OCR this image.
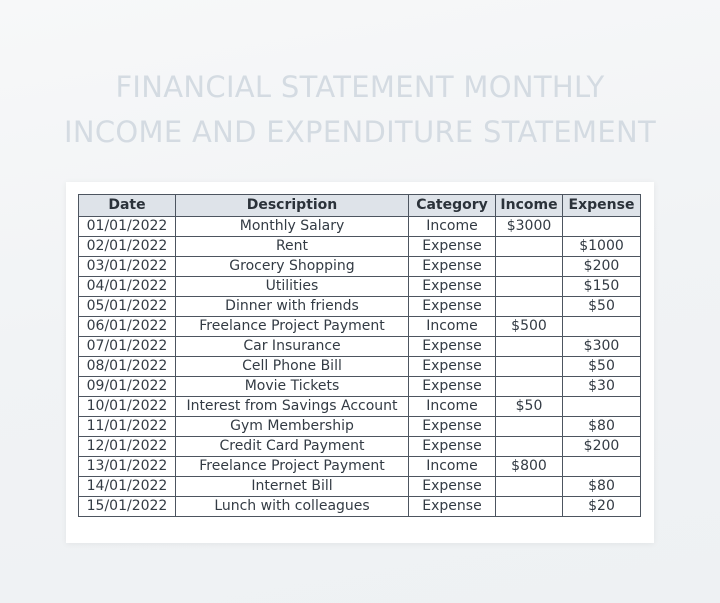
FINANCIAL STATEMENT MONTHLY
INCOME AND EXPENDITURE STATEMENT
Date	Description	Category	Income	Expense
01/01/2022	Monthly Salary	Income	$3000	
02/01/2022	Rent	Expense		$1000
03/01/2022	Grocery Shopping	Expense		$200
04/01/2022	Utilities	Expense		$150
05/01/2022	Dinner with friends	Expense		$50
06/01/2022	Freelance Project Payment	Income	$500	
07/01/2022	Car Insurance	Expense		$300
08/01/2022	Cell Phone Bill	Expense		$50
09/01/2022	Movie Tickets	Expense		$30
10/01/2022	Interest from Savings Account	Income	$50	
11/01/2022	Gym Membership	Expense		$80
12/01/2022	Credit Card Payment	Expense		$200
13/01/2022	Freelance Project Payment	Income	$800	
14/01/2022	Internet Bill	Expense		$80
15/01/2022	Lunch with colleagues	Expense		$20
